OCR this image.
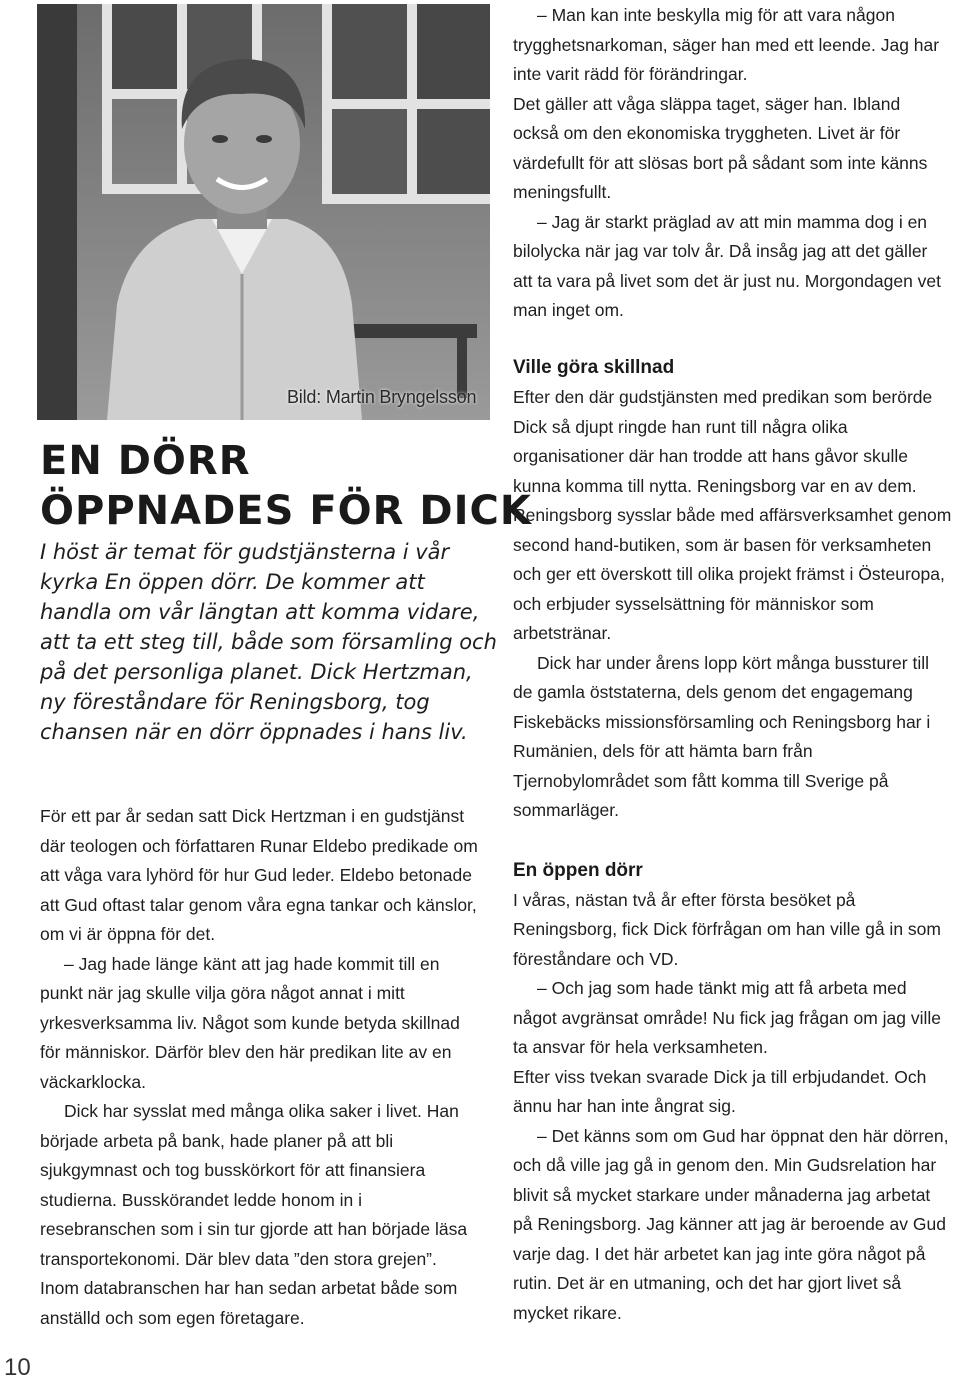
Bild: Martin Bryngelsson
EN DÖRR
ÖPPNADES FÖR DICK

I höst är temat för gudstjänsterna i vår kyrka En öppen dörr. De kommer att handla om vår längtan att komma vidare, att ta ett steg till, både som församling och på det personliga planet. Dick Hertzman, ny föreståndare för Reningsborg, tog chansen när en dörr öppnades i hans liv.

För ett par år sedan satt Dick Hertzman i en gudstjänst där teologen och författaren Runar Eldebo predikade om att våga vara lyhörd för hur Gud leder. Eldebo betonade att Gud oftast talar genom våra egna tankar och känslor, om vi är öppna för det.

– Jag hade länge känt att jag hade kommit till en punkt när jag skulle vilja göra något annat i mitt yrkesverksamma liv. Något som kunde betyda skillnad för människor. Därför blev den här predikan lite av en väckarklocka.

Dick har sysslat med många olika saker i livet. Han började arbeta på bank, hade planer på att bli sjukgymnast och tog busskörkort för att finansiera studierna. Busskörandet ledde honom in i resebranschen som i sin tur gjorde att han började läsa transportekonomi. Där blev data ”den stora grejen”. Inom databranschen har han sedan arbetat både som anställd och som egen företagare.

– Man kan inte beskylla mig för att vara någon trygghetsnarkoman, säger han med ett leende. Jag har inte varit rädd för förändringar.

Det gäller att våga släppa taget, säger han. Ibland också om den ekonomiska tryggheten. Livet är för värdefullt för att slösas bort på sådant som inte känns meningsfullt.

– Jag är starkt präglad av att min mamma dog i en bilolycka när jag var tolv år. Då insåg jag att det gäller att ta vara på livet som det är just nu. Morgondagen vet man inget om.

Ville göra skillnad

Efter den där gudstjänsten med predikan som berörde Dick så djupt ringde han runt till några olika organisationer där han trodde att hans gåvor skulle kunna komma till nytta. Reningsborg var en av dem.

Reningsborg sysslar både med affärsverksamhet genom second hand-butiken, som är basen för verksamheten och ger ett överskott till olika projekt främst i Östeuropa, och erbjuder sysselsättning för människor som arbetstränar.

Dick har under årens lopp kört många bussturer till de gamla öststaterna, dels genom det engagemang Fiskebäcks missionsförsamling och Reningsborg har i Rumänien, dels för att hämta barn från Tjernobylområdet som fått komma till Sverige på sommarläger.

En öppen dörr

I våras, nästan två år efter första besöket på Reningsborg, fick Dick förfrågan om han ville gå in som föreståndare och VD.

– Och jag som hade tänkt mig att få arbeta med något avgränsat område! Nu fick jag frågan om jag ville ta ansvar för hela verksamheten.

Efter viss tvekan svarade Dick ja till erbjudandet. Och ännu har han inte ångrat sig.

– Det känns som om Gud har öppnat den här dörren, och då ville jag gå in genom den. Min Gudsrelation har blivit så mycket starkare under månaderna jag arbetat på Reningsborg. Jag känner att jag är beroende av Gud varje dag. I det här arbetet kan jag inte göra något på rutin. Det är en utmaning, och det har gjort livet så mycket rikare.

10
